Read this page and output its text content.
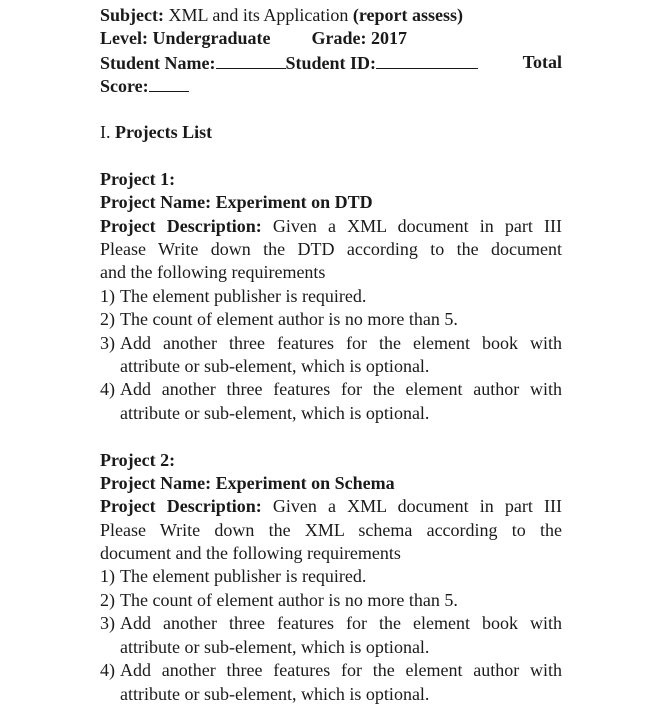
Subject: XML and its Application (report assess)
Level: Undergraduate Grade: 2017
Student Name:	Student ID:	Total
Score:
I. Projects List
Project 1:
Project Name: Experiment on DTD
Project Description: Given a XML document in part III
Please Write down the DTD according to the document
and the following requirements
1) The element publisher is required.
2) The count of element author is no more than 5.
3) Add another three features for the element book with
attribute or sub-element, which is optional.
4) Add another three features for the element author with
attribute or sub-element, which is optional.
Project 2:
Project Name: Experiment on Schema
Project Description: Given a XML document in part III
Please Write down the XML schema according to the
document and the following requirements
1) The element publisher is required.
2) The count of element author is no more than 5.
3) Add another three features for the element book with
attribute or sub-element, which is optional.
4) Add another three features for the element author with
attribute or sub-element, which is optional.
